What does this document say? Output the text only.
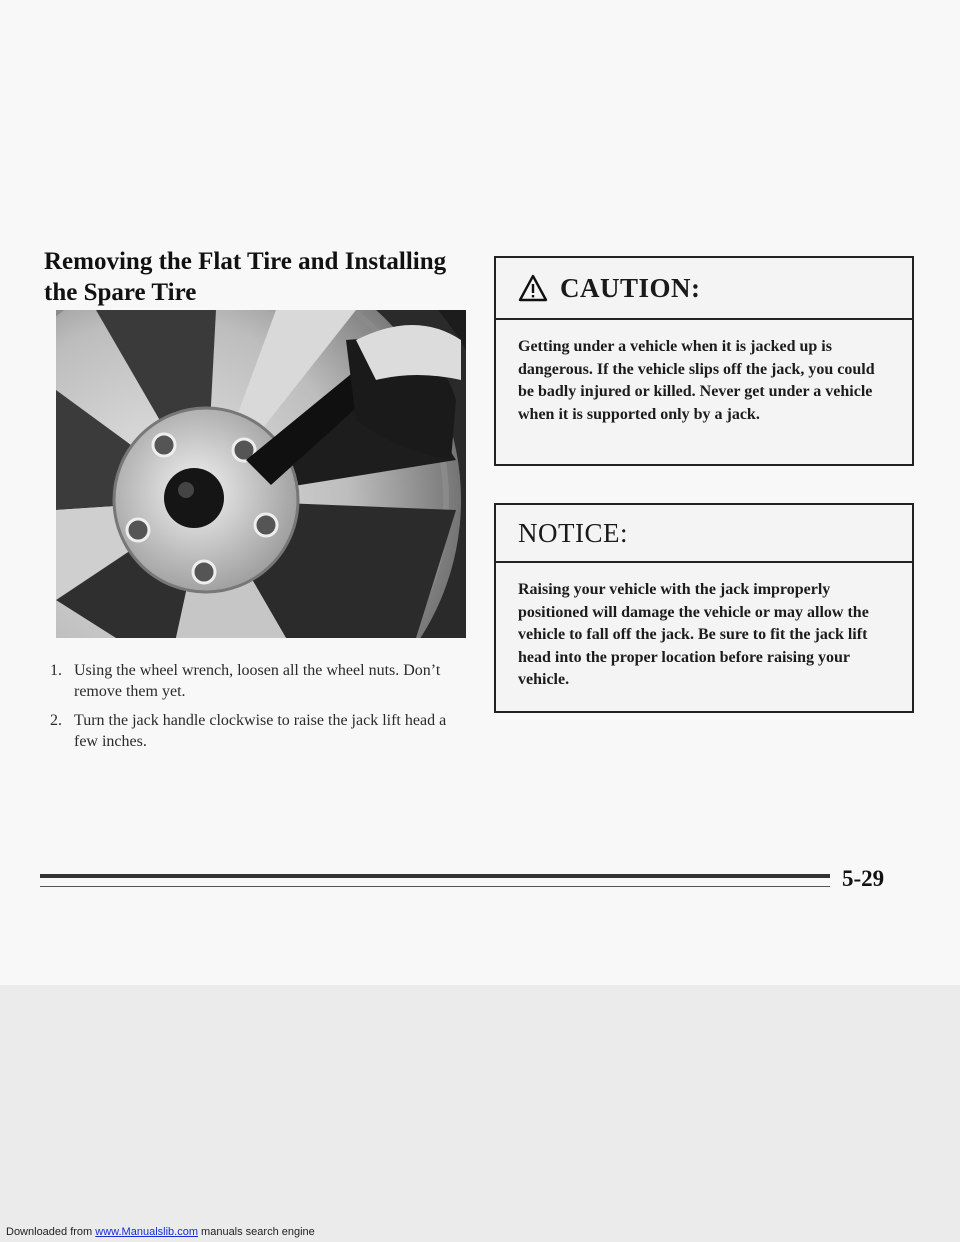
Removing the Flat Tire and Installing the Spare Tire
1. Using the wheel wrench, loosen all the wheel nuts. Don’t remove them yet.
2. Turn the jack handle clockwise to raise the jack lift head a few inches.
CAUTION:
Getting under a vehicle when it is jacked up is dangerous. If the vehicle slips off the jack, you could be badly injured or killed. Never get under a vehicle when it is supported only by a jack.
NOTICE:
Raising your vehicle with the jack improperly positioned will damage the vehicle or may allow the vehicle to fall off the jack. Be sure to fit the jack lift head into the proper location before raising your vehicle.
5-29
Downloaded from www.Manualslib.com manuals search engine
